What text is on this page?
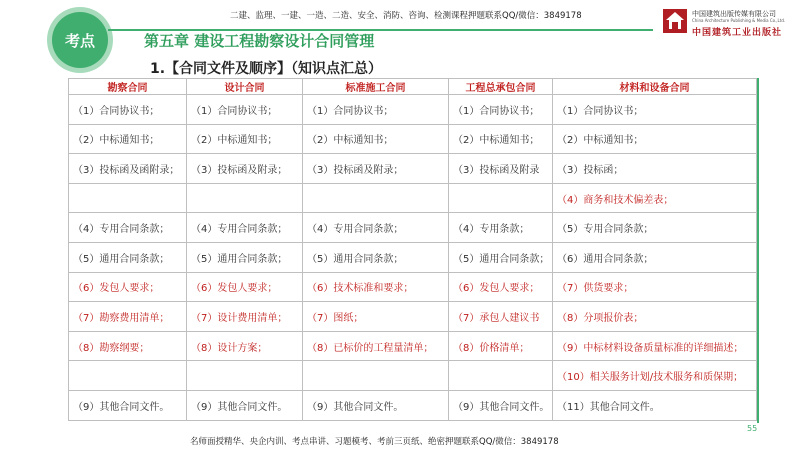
考点
二建、监理、一建、一造、二造、安全、消防、咨询、检测课程押题联系QQ/微信：3849178
第五章 建设工程勘察设计合同管理
中国建筑出版传媒有限公司
China Architecture Publishing & Media Co.,Ltd.
中国建筑工业出版社
1.【合同文件及顺序】（知识点汇总）
勘察合同	设计合同	标准施工合同	工程总承包合同	材料和设备合同
（1）合同协议书；	（1）合同协议书；	（1）合同协议书；	（1）合同协议书；	（1）合同协议书；
（2）中标通知书；	（2）中标通知书；	（2）中标通知书；	（2）中标通知书；	（2）中标通知书；
（3）投标函及函附录；	（3）投标函及附录；	（3）投标函及附录；	（3）投标函及附录	（3）投标函；
				（4）商务和技术偏差表；
（4）专用合同条款；	（4）专用合同条款；	（4）专用合同条款；	（4）专用条款；	（5）专用合同条款；
（5）通用合同条款；	（5）通用合同条款；	（5）通用合同条款；	（5）通用合同条款；	（6）通用合同条款；
（6）发包人要求；	（6）发包人要求；	（6）技术标准和要求；	（6）发包人要求；	（7）供货要求；
（7）勘察费用清单；	（7）设计费用清单；	（7）图纸；	（7）承包人建议书	（8）分项报价表；
（8）勘察纲要；	（8）设计方案；	（8）已标价的工程量清单；	（8）价格清单；	（9）中标材料设备质量标准的详细描述；
				（10）相关服务计划/技术服务和质保期；
（9）其他合同文件。	（9）其他合同文件。	（9）其他合同文件。	（9）其他合同文件。	（11）其他合同文件。
55
名师面授精华、央企内训、考点串讲、习题模考、考前三页纸、绝密押题联系QQ/微信：3849178
